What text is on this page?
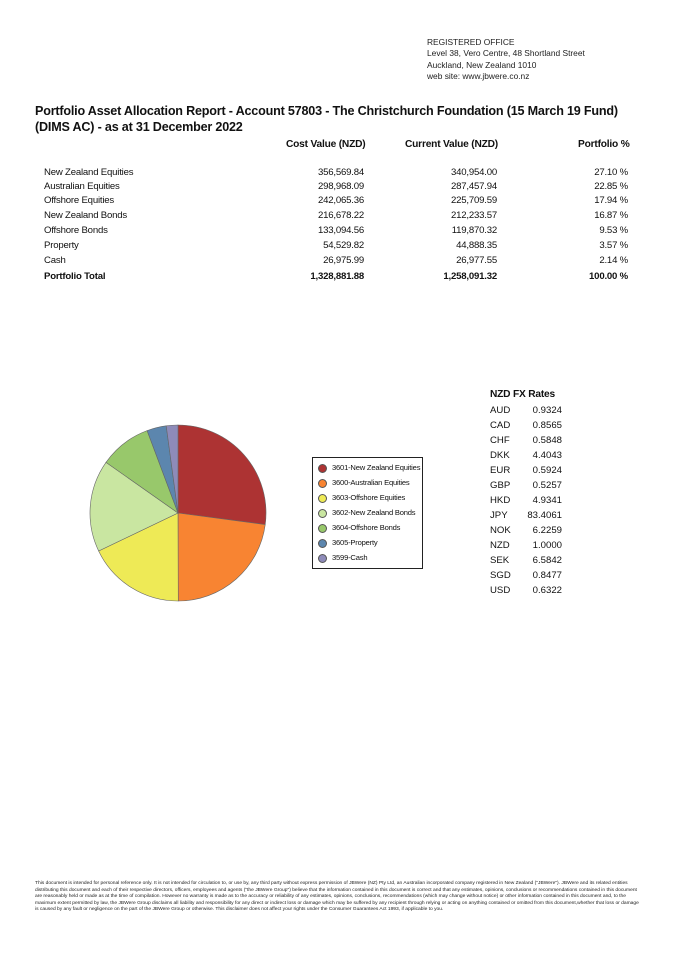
REGISTERED OFFICE
Level 38, Vero Centre, 48 Shortland Street
Auckland, New Zealand 1010
web site: www.jbwere.co.nz
Portfolio Asset Allocation Report - Account 57803 - The Christchurch Foundation (15 March 19 Fund)(DIMS AC) - as at 31 December 2022
Cost Value (NZD)	Current Value (NZD)	Portfolio %
New Zealand Equities	356,569.84	340,954.00	27.10 %
Australian Equities	298,968.09	287,457.94	22.85 %
Offshore Equities	242,065.36	225,709.59	17.94 %
New Zealand Bonds	216,678.22	212,233.57	16.87 %
Offshore Bonds	133,094.56	119,870.32	9.53 %
Property	54,529.82	44,888.35	3.57 %
Cash	26,975.99	26,977.55	2.14 %
Portfolio Total	1,328,881.88	1,258,091.32	100.00 %
3601-New Zealand Equities
3600-Australian Equities
3603-Offshore Equities
3602-New Zealand Bonds
3604-Offshore Bonds
3605-Property
3599-Cash
NZD FX Rates
AUD 0.9324
CAD 0.8565
CHF 0.5848
DKK 4.4043
EUR 0.5924
GBP 0.5257
HKD 4.9341
JPY 83.4061
NOK 6.2259
NZD 1.0000
SEK 6.5842
SGD 0.8477
USD 0.6322
This document is intended for personal reference only. It is not intended for circulation to, or use by, any third party without express permission of JBWere (NZ) Pty Ltd, an Australian incorporated company registered in New Zealand ("JBWere"). JBWere and its related entities distributing this document and each of their respective directors, officers, employees and agents ("the JBWere Group") believe that the information contained in this document is correct and that any estimates, opinions, conclusions or recommendations contained in this document are reasonably held or made as at the time of compilation. However no warranty is made as to the accuracy or reliability of any estimates, opinions, conclusions, recommendations (which may change without notice) or other information contained in this document and, to the maximum extent permitted by law, the JBWere Group disclaims all liability and responsibility for any direct or indirect loss or damage which may be suffered by any recipient through relying or acting on anything contained or omitted from this document,whether that loss or damage is caused by any fault or negligence on the part of the JBWere Group or otherwise. This disclaimer does not affect your rights under the Consumer Guarantees Act 1993, if applicable to you.
